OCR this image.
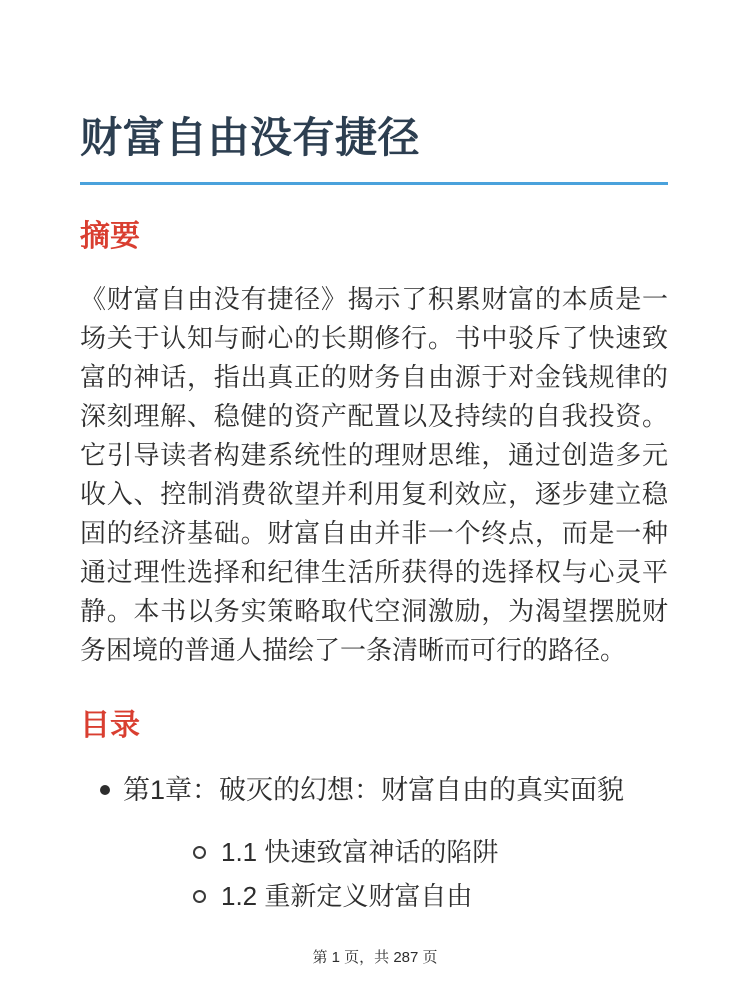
财富自由没有捷径
摘要

《财富自由没有捷径》揭示了积累财富的本质是一场关于认知与耐心的长期修行。书中驳斥了快速致富的神话，指出真正的财务自由源于对金钱规律的深刻理解、稳健的资产配置以及持续的自我投资。它引导读者构建系统性的理财思维，通过创造多元收入、控制消费欲望并利用复利效应，逐步建立稳固的经济基础。财富自由并非一个终点，而是一种通过理性选择和纪律生活所获得的选择权与心灵平静。本书以务实策略取代空洞激励，为渴望摆脱财务困境的普通人描绘了一条清晰而可行的路径。

目录
第1章：破灭的幻想：财富自由的真实面貌
1.1 快速致富神话的陷阱
1.2 重新定义财富自由
第 1 页，共 287 页
